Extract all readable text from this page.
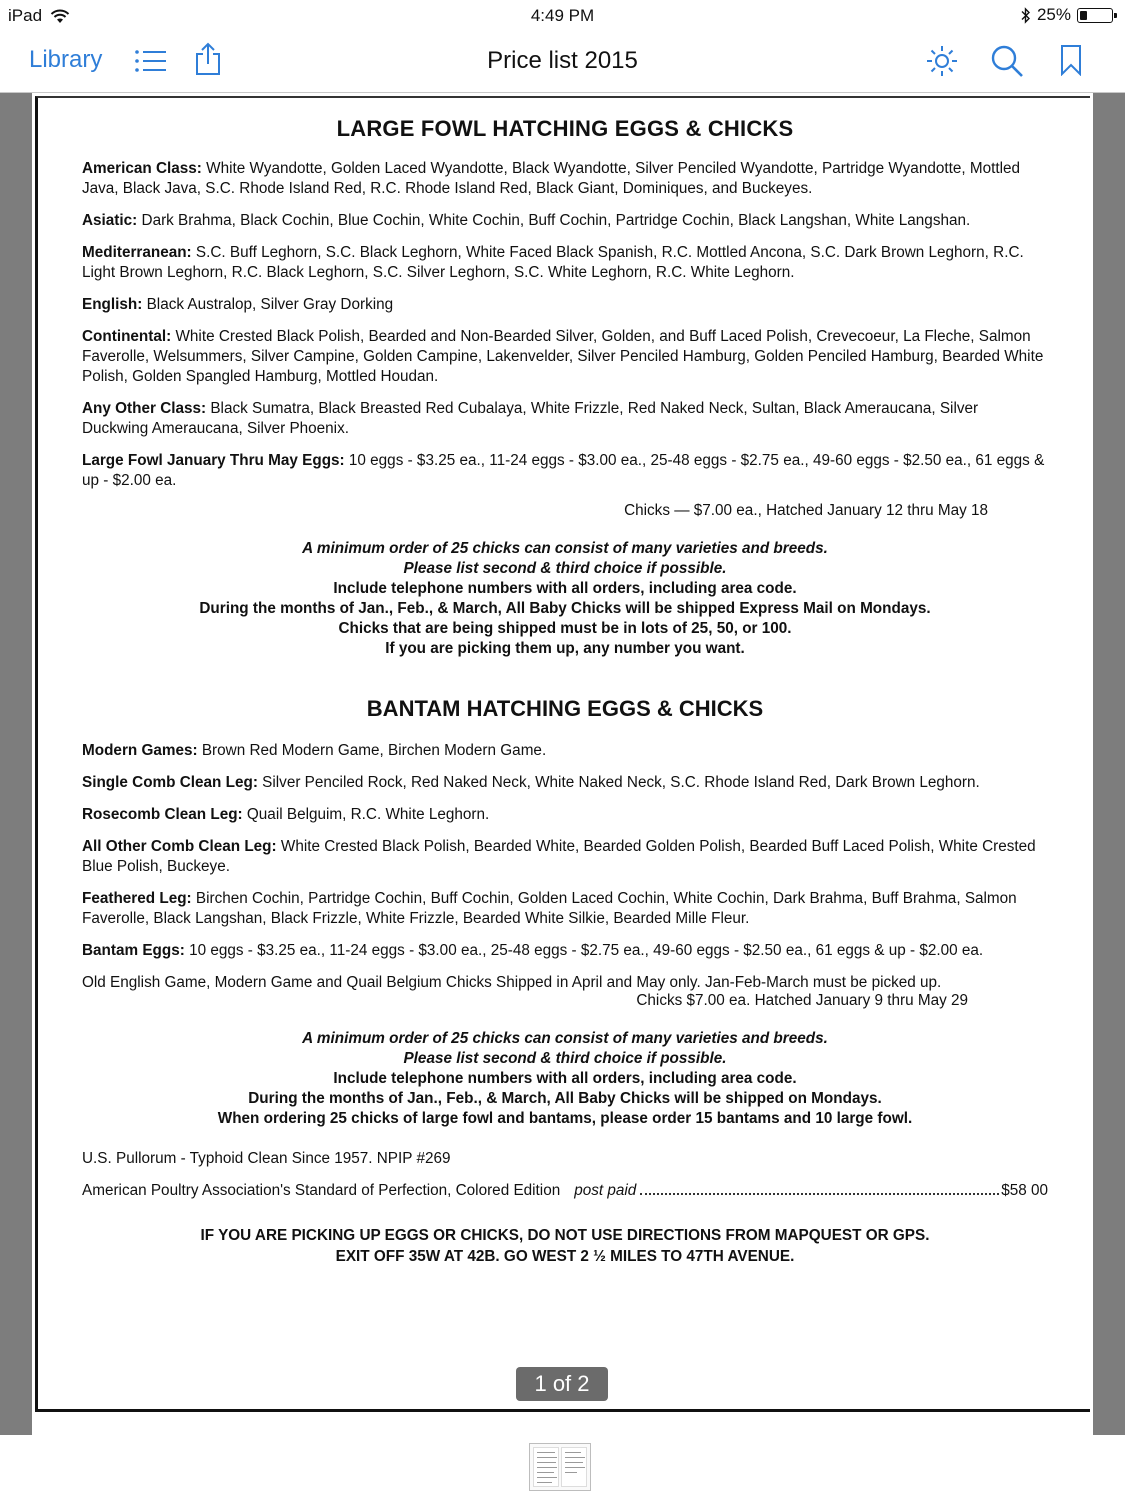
iPad	4:49 PM	25%
Library	Price list 2015
LARGE FOWL HATCHING EGGS & CHICKS
American Class: White Wyandotte, Golden Laced Wyandotte, Black Wyandotte, Silver Penciled Wyandotte, Partridge Wyandotte, Mottled Java, Black Java, S.C. Rhode Island Red, R.C. Rhode Island Red, Black Giant, Dominiques, and Buckeyes.
Asiatic: Dark Brahma, Black Cochin, Blue Cochin, White Cochin, Buff Cochin, Partridge Cochin, Black Langshan, White Langshan.
Mediterranean: S.C. Buff Leghorn, S.C. Black Leghorn, White Faced Black Spanish, R.C. Mottled Ancona, S.C. Dark Brown Leghorn, R.C. Light Brown Leghorn, R.C. Black Leghorn, S.C. Silver Leghorn, S.C. White Leghorn, R.C. White Leghorn.
English: Black Australop, Silver Gray Dorking
Continental: White Crested Black Polish, Bearded and Non-Bearded Silver, Golden, and Buff Laced Polish, Crevecoeur, La Fleche, Salmon Faverolle, Welsummers, Silver Campine, Golden Campine, Lakenvelder, Silver Penciled Hamburg, Golden Penciled Hamburg, Bearded White Polish, Golden Spangled Hamburg, Mottled Houdan.
Any Other Class: Black Sumatra, Black Breasted Red Cubalaya, White Frizzle, Red Naked Neck, Sultan, Black Ameraucana, Silver Duckwing Ameraucana, Silver Phoenix.
Large Fowl January Thru May Eggs: 10 eggs - $3.25 ea., 11-24 eggs - $3.00 ea., 25-48 eggs - $2.75 ea., 49-60 eggs - $2.50 ea., 61 eggs & up - $2.00 ea.
Chicks — $7.00 ea., Hatched January 12 thru May 18
A minimum order of 25 chicks can consist of many varieties and breeds.
Please list second & third choice if possible.
Include telephone numbers with all orders, including area code.
During the months of Jan., Feb., & March, All Baby Chicks will be shipped Express Mail on Mondays.
Chicks that are being shipped must be in lots of 25, 50, or 100.
If you are picking them up, any number you want.
BANTAM HATCHING EGGS & CHICKS
Modern Games: Brown Red Modern Game, Birchen Modern Game.
Single Comb Clean Leg: Silver Penciled Rock, Red Naked Neck, White Naked Neck, S.C. Rhode Island Red, Dark Brown Leghorn.
Rosecomb Clean Leg: Quail Belguim, R.C. White Leghorn.
All Other Comb Clean Leg: White Crested Black Polish, Bearded White, Bearded Golden Polish, Bearded Buff Laced Polish, White Crested Blue Polish, Buckeye.
Feathered Leg: Birchen Cochin, Partridge Cochin, Buff Cochin, Golden Laced Cochin, White Cochin, Dark Brahma, Buff Brahma, Salmon Faverolle, Black Langshan, Black Frizzle, White Frizzle, Bearded White Silkie, Bearded Mille Fleur.
Bantam Eggs: 10 eggs - $3.25 ea., 11-24 eggs - $3.00 ea., 25-48 eggs - $2.75 ea., 49-60 eggs - $2.50 ea., 61 eggs & up - $2.00 ea.
Old English Game, Modern Game and Quail Belgium Chicks Shipped in April and May only. Jan-Feb-March must be picked up.
Chicks $7.00 ea. Hatched January 9 thru May 29
A minimum order of 25 chicks can consist of many varieties and breeds.
Please list second & third choice if possible.
Include telephone numbers with all orders, including area code.
During the months of Jan., Feb., & March, All Baby Chicks will be shipped on Mondays.
When ordering 25 chicks of large fowl and bantams, please order 15 bantams and 10 large fowl.
U.S. Pullorum - Typhoid Clean Since 1957. NPIP #269
American Poultry Association's Standard of Perfection, Colored Edition post paid	$58 00
IF YOU ARE PICKING UP EGGS OR CHICKS, DO NOT USE DIRECTIONS FROM MAPQUEST OR GPS.
EXIT OFF 35W AT 42B. GO WEST 2 ½ MILES TO 47TH AVENUE.
1 of 2
